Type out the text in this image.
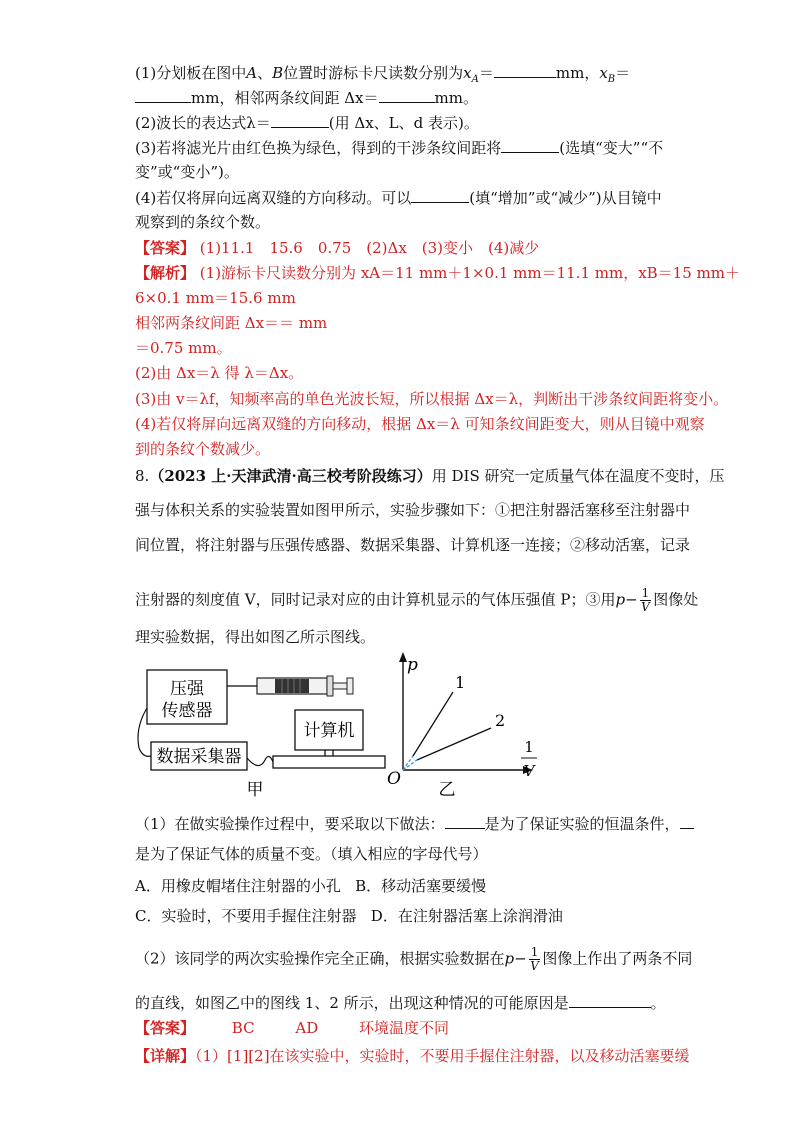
(1)分划板在图中A、B位置时游标卡尺读数分别为$x_A=$	mm，$x_B=$
mm，相邻两条纹间距 Δx＝	mm。
(2)波长的表达式λ＝	(用 Δx、L、d 表示)。
(3)若将滤光片由红色换为绿色，得到的干涉条纹间距将	(选填“变大”“不
变”或“变小”)。
(4)若仅将屏向远离双缝的方向移动。可以	(填“增加”或“减少”)从目镜中
观察到的条纹个数。
【答案】 (1)11.1　15.6　0.75　(2)Δx　(3)变小　(4)减少
【解析】 (1)游标卡尺读数分别为 xA＝11 mm＋1×0.1 mm＝11.1 mm，xB＝15 mm＋
6×0.1 mm＝15.6 mm
相邻两条纹间距 Δx＝＝ mm
＝0.75 mm。
(2)由 Δx＝λ 得 λ＝Δx。
(3)由 v＝λf，知频率高的单色光波长短，所以根据 Δx＝λ，判断出干涉条纹间距将变小。
(4)若仅将屏向远离双缝的方向移动，根据 Δx＝λ 可知条纹间距变大，则从目镜中观察
到的条纹个数减少。
8.（2023 上·天津武清·高三校考阶段练习）用 DIS 研究一定质量气体在温度不变时，压
强与体积关系的实验装置如图甲所示，实验步骤如下：①把注射器活塞移至注射器中
间位置，将注射器与压强传感器、数据采集器、计算机逐一连接；②移动活塞，记录
注射器的刻度值 V，同时记录对应的由计算机显示的气体压强值 P；③用$p- \frac{1}{V}$ 图像处
理实验数据，得出如图乙所示图线。
压强
传感器
数据采集器
计算机
甲
p
O
1
V
1
2
乙
（1）在做实验操作过程中，要采取以下做法：	是为了保证实验的恒温条件，
是为了保证气体的质量不变。（填入相应的字母代号）
A．用橡皮帽堵住注射器的小孔 B．移动活塞要缓慢
C．实验时，不要用手握住注射器 D．在注射器活塞上涂润滑油
（2）该同学的两次实验操作完全正确，根据实验数据在$p- \frac{1}{V}$ 图像上作出了两条不同
的直线，如图乙中的图线 1、2 所示，出现这种情况的可能原因是	。
【答案】 BC	AD	环境温度不同
【详解】（1）[1][2]在该实验中，实验时，不要用手握住注射器，以及移动活塞要缓
